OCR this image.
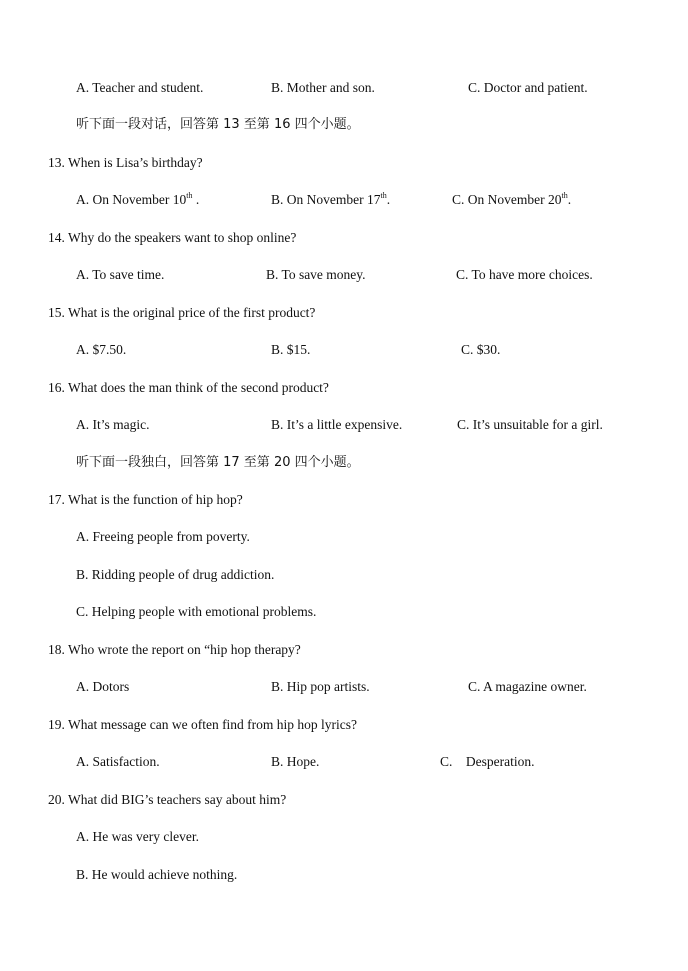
A. Teacher and student.	B. Mother and son.	C. Doctor and patient.
听下面一段对话，回答第 13 至第 16 四个小题。
13. When is Lisa’s birthday?
A. On November 10th .	B. On November 17th.	C. On November 20th.
14. Why do the speakers want to shop online?
A. To save time.	B. To save money.	C. To have more choices.
15. What is the original price of the first product?
A. $7.50.	B. $15.	C. $30.
16. What does the man think of the second product?
A. It’s magic.	B. It’s a little expensive.	C. It’s unsuitable for a girl.
听下面一段独白，回答第 17 至第 20 四个小题。
17. What is the function of hip hop?
A. Freeing people from poverty.
B. Ridding people of drug addiction.
C. Helping people with emotional problems.
18. Who wrote the report on “hip hop therapy?
A. Dotors	B. Hip pop artists.	C. A magazine owner.
19. What message can we often find from hip hop lyrics?
A. Satisfaction.	B. Hope.	C.    Desperation.
20. What did BIG’s teachers say about him?
A. He was very clever.
B. He would achieve nothing.
